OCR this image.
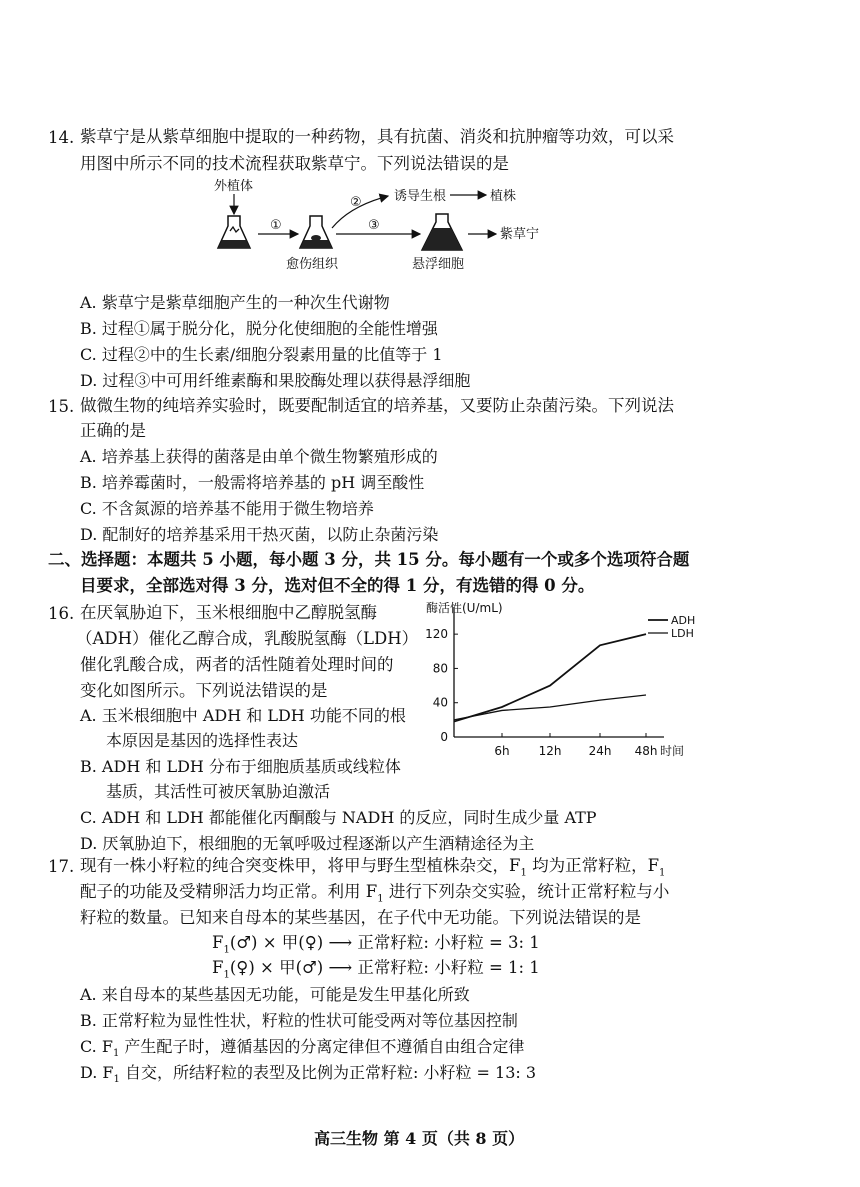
14. 紫草宁是从紫草细胞中提取的一种药物，具有抗菌、消炎和抗肿瘤等功效，可以采
用图中所示不同的技术流程获取紫草宁。下列说法错误的是
外植体
①
愈伤组织
② 诱导生根	植株
③
悬浮细胞
紫草宁
A. 紫草宁是紫草细胞产生的一种次生代谢物
B. 过程①属于脱分化，脱分化使细胞的全能性增强
C. 过程②中的生长素/细胞分裂素用量的比值等于 1
D. 过程③中可用纤维素酶和果胶酶处理以获得悬浮细胞
15. 做微生物的纯培养实验时，既要配制适宜的培养基，又要防止杂菌污染。下列说法
正确的是
A. 培养基上获得的菌落是由单个微生物繁殖形成的
B. 培养霉菌时，一般需将培养基的 pH 调至酸性
C. 不含氮源的培养基不能用于微生物培养
D. 配制好的培养基采用干热灭菌，以防止杂菌污染
二、选择题：本题共 5 小题，每小题 3 分，共 15 分。每小题有一个或多个选项符合题
目要求，全部选对得 3 分，选对但不全的得 1 分，有选错的得 0 分。
16. 在厌氧胁迫下，玉米根细胞中乙醇脱氢酶
（ADH）催化乙醇合成，乳酸脱氢酶（LDH）
催化乳酸合成，两者的活性随着处理时间的
变化如图所示。下列说法错误的是
A. 玉米根细胞中 ADH 和 LDH 功能不同的根
本原因是基因的选择性表达
B. ADH 和 LDH 分布于细胞质基质或线粒体
基质，其活性可被厌氧胁迫激活
C. ADH 和 LDH 都能催化丙酮酸与 NADH 的反应，同时生成少量 ATP
D. 厌氧胁迫下，根细胞的无氧呼吸过程逐渐以产生酒精途径为主
酶活性(U/mL)
0
40
80
120
6h 12h 24h 48h 时间
ADH
LDH
17. 现有一株小籽粒的纯合突变株甲，将甲与野生型植株杂交，$F_1$ 均为正常籽粒，$F_1$
配子的功能及受精卵活力均正常。利用 $F_1$ 进行下列杂交实验，统计正常籽粒与小
籽粒的数量。已知来自母本的某些基因，在子代中无功能。下列说法错误的是
$F_1(♂)$ × 甲(♀) ⟶ 正常籽粒: 小籽粒 = 3: 1
$F_1(♀)$ × 甲(♂) ⟶ 正常籽粒: 小籽粒 = 1: 1
A. 来自母本的某些基因无功能，可能是发生甲基化所致
B. 正常籽粒为显性性状，籽粒的性状可能受两对等位基因控制
C. $F_1$ 产生配子时，遵循基因的分离定律但不遵循自由组合定律
D. $F_1$ 自交，所结籽粒的表型及比例为正常籽粒: 小籽粒 = 13: 3
高三生物 第 4 页（共 8 页）
